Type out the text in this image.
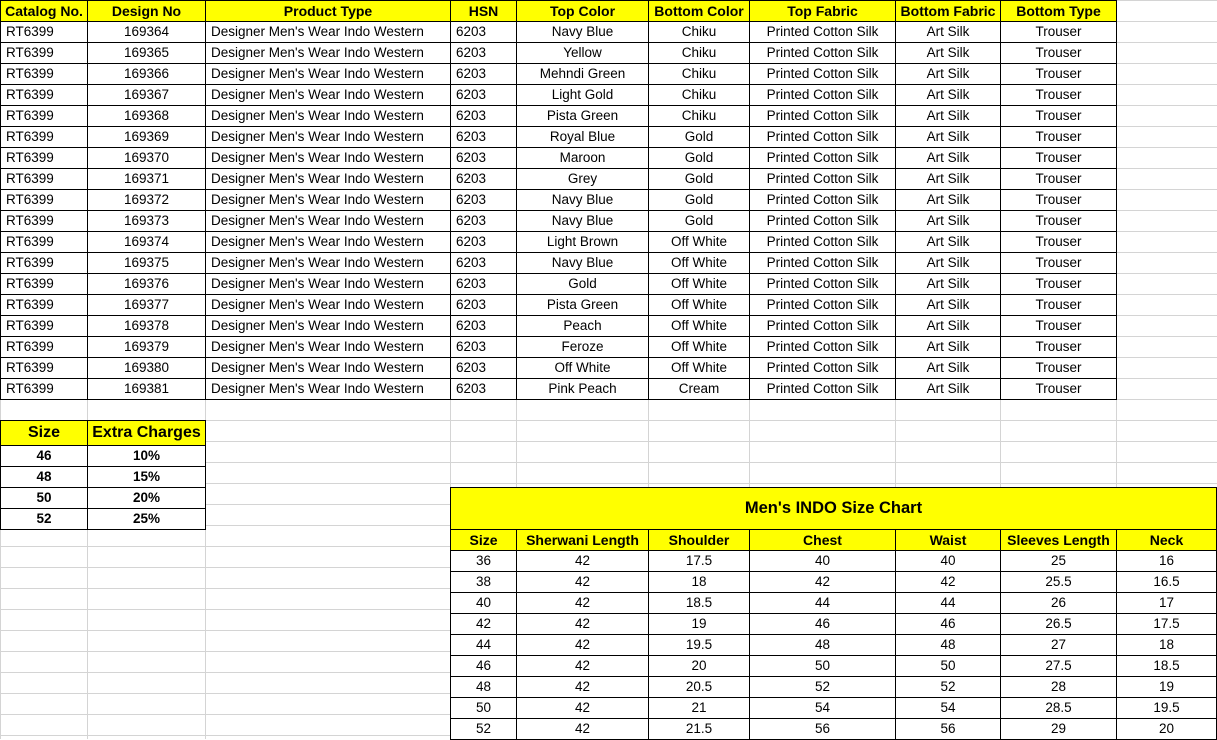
Catalog No.	Design No	Product Type	HSN	Top Color	Bottom Color	Top Fabric	Bottom Fabric	Bottom Type
RT6399	169364	Designer Men's Wear Indo Western	6203	Navy Blue	Chiku	Printed Cotton Silk	Art Silk	Trouser
RT6399	169365	Designer Men's Wear Indo Western	6203	Yellow	Chiku	Printed Cotton Silk	Art Silk	Trouser
RT6399	169366	Designer Men's Wear Indo Western	6203	Mehndi Green	Chiku	Printed Cotton Silk	Art Silk	Trouser
RT6399	169367	Designer Men's Wear Indo Western	6203	Light Gold	Chiku	Printed Cotton Silk	Art Silk	Trouser
RT6399	169368	Designer Men's Wear Indo Western	6203	Pista Green	Chiku	Printed Cotton Silk	Art Silk	Trouser
RT6399	169369	Designer Men's Wear Indo Western	6203	Royal Blue	Gold	Printed Cotton Silk	Art Silk	Trouser
RT6399	169370	Designer Men's Wear Indo Western	6203	Maroon	Gold	Printed Cotton Silk	Art Silk	Trouser
RT6399	169371	Designer Men's Wear Indo Western	6203	Grey	Gold	Printed Cotton Silk	Art Silk	Trouser
RT6399	169372	Designer Men's Wear Indo Western	6203	Navy Blue	Gold	Printed Cotton Silk	Art Silk	Trouser
RT6399	169373	Designer Men's Wear Indo Western	6203	Navy Blue	Gold	Printed Cotton Silk	Art Silk	Trouser
RT6399	169374	Designer Men's Wear Indo Western	6203	Light Brown	Off White	Printed Cotton Silk	Art Silk	Trouser
RT6399	169375	Designer Men's Wear Indo Western	6203	Navy Blue	Off White	Printed Cotton Silk	Art Silk	Trouser
RT6399	169376	Designer Men's Wear Indo Western	6203	Gold	Off White	Printed Cotton Silk	Art Silk	Trouser
RT6399	169377	Designer Men's Wear Indo Western	6203	Pista Green	Off White	Printed Cotton Silk	Art Silk	Trouser
RT6399	169378	Designer Men's Wear Indo Western	6203	Peach	Off White	Printed Cotton Silk	Art Silk	Trouser
RT6399	169379	Designer Men's Wear Indo Western	6203	Feroze	Off White	Printed Cotton Silk	Art Silk	Trouser
RT6399	169380	Designer Men's Wear Indo Western	6203	Off White	Off White	Printed Cotton Silk	Art Silk	Trouser
RT6399	169381	Designer Men's Wear Indo Western	6203	Pink Peach	Cream	Printed Cotton Silk	Art Silk	Trouser
Size	Extra Charges
46	10%
48	15%
50	20%
52	25%
Men's INDO Size Chart
Size	Sherwani Length	Shoulder	Chest	Waist	Sleeves Length	Neck
36	42	17.5	40	40	25	16
38	42	18	42	42	25.5	16.5
40	42	18.5	44	44	26	17
42	42	19	46	46	26.5	17.5
44	42	19.5	48	48	27	18
46	42	20	50	50	27.5	18.5
48	42	20.5	52	52	28	19
50	42	21	54	54	28.5	19.5
52	42	21.5	56	56	29	20
